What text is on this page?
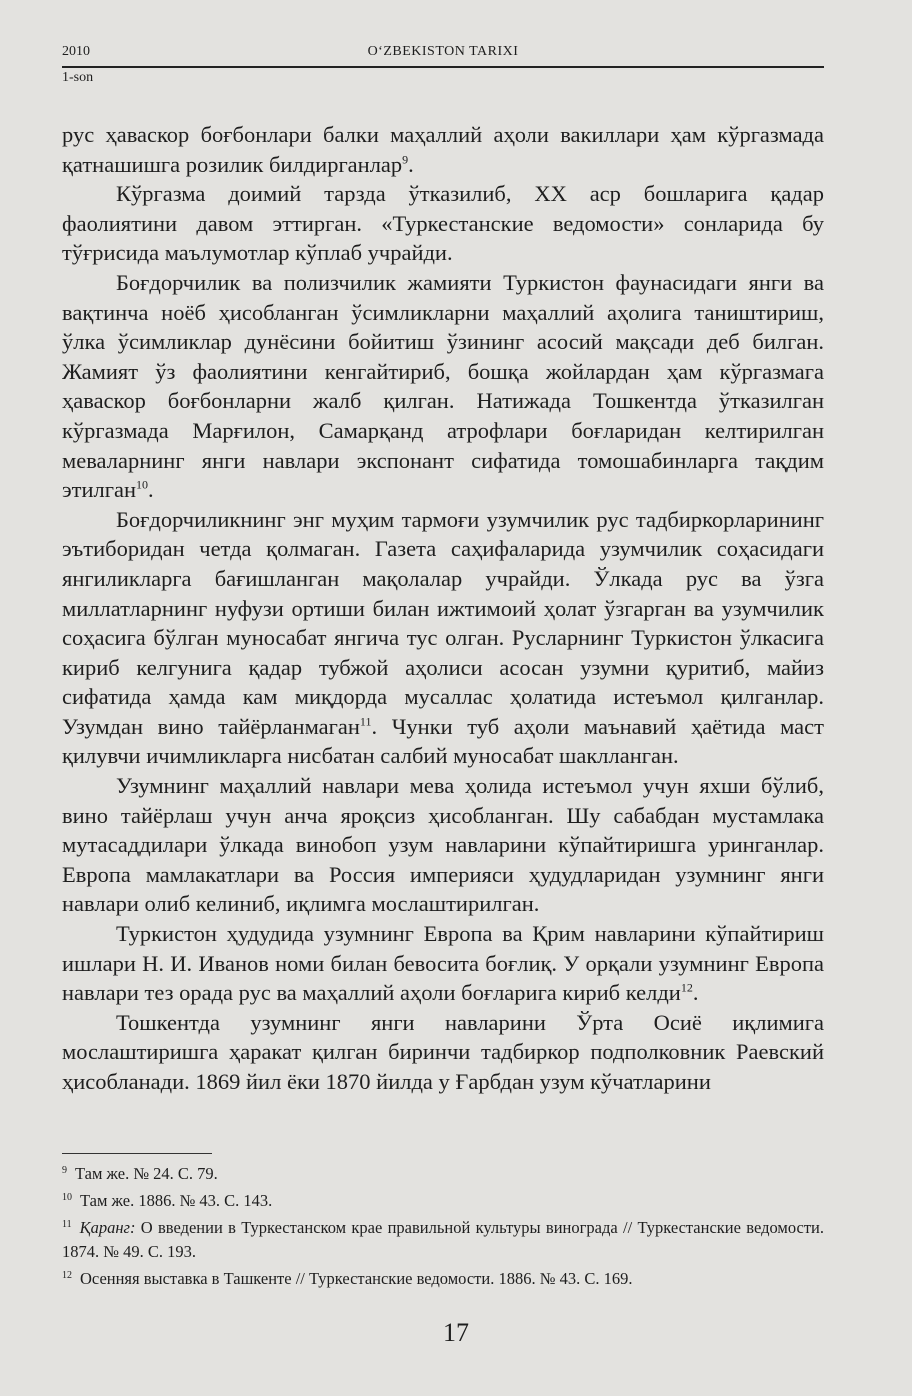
2010	O‘ZBEKISTON TARIXI
1-son

рус ҳаваскор боғбонлари балки маҳаллий аҳоли вакиллари ҳам кўргазмада қатнашишга розилик билдирганлар$^9$.

Кўргазма доимий тарзда ўтказилиб, XX аср бошларига қадар фаолиятини давом эттирган. «Туркестанские ведомости» сонларида бу тўғрисида маълумотлар кўплаб учрайди.

Боғдорчилик ва полизчилик жамияти Туркистон фаунасидаги янги ва вақтинча ноёб ҳисобланган ўсимликларни маҳаллий аҳолига таништириш, ўлка ўсимликлар дунёсини бойитиш ўзининг асосий мақсади деб билган. Жамият ўз фаолиятини кенгайтириб, бошқа жойлардан ҳам кўргазмага ҳаваскор боғбонларни жалб қилган. Натижада Тошкентда ўтказилган кўргазмада Марғилон, Самарқанд атрофлари боғларидан келтирилган меваларнинг янги навлари экспонант сифатида томошабинларга тақдим этилган$^{10}$.

Боғдорчиликнинг энг муҳим тармоғи узумчилик рус тадбиркорларининг эътиборидан четда қолмаган. Газета саҳифаларида узумчилик соҳасидаги янгиликларга бағишланган мақолалар учрайди. Ўлкада рус ва ўзга миллатларнинг нуфузи ортиши билан ижтимоий ҳолат ўзгарган ва узумчилик соҳасига бўлган муносабат янгича тус олган. Русларнинг Туркистон ўлкасига кириб келгунига қадар тубжой аҳолиси асосан узумни қуритиб, майиз сифатида ҳамда кам миқдорда мусаллас ҳолатида истеъмол қилганлар. Узумдан вино тайёрланмаган$^{11}$. Чунки туб аҳоли маънавий ҳаётида маст қилувчи ичимликларга нисбатан салбий муносабат шаклланган.

Узумнинг маҳаллий навлари мева ҳолида истеъмол учун яхши бўлиб, вино тайёрлаш учун анча яроқсиз ҳисобланган. Шу сабабдан мустамлака мутасаддилари ўлкада винобоп узум навларини кўпайтиришга уринганлар. Европа мамлакатлари ва Россия империяси ҳудудларидан узумнинг янги навлари олиб келиниб, иқлимга мослаштирилган.

Туркистон ҳудудида узумнинг Европа ва Қрим навларини кўпайтириш ишлари Н. И. Иванов номи билан бевосита боғлиқ. У орқали узумнинг Европа навлари тез орада рус ва маҳаллий аҳоли боғларига кириб келди$^{12}$.

Тошкентда узумнинг янги навларини Ўрта Осиё иқлимига мослаштиришга ҳаракат қилган биринчи тадбиркор подполковник Раевский ҳисобланади. 1869 йил ёки 1870 йилда у Ғарбдан узум кўчатларини

$^9$ Там же. № 24. С. 79.

$^{10}$ Там же. 1886. № 43. С. 143.

$^{11}$ Қаранг: О введении в Туркестанском крае правильной культуры винограда // Туркестанские ведомости. 1874. № 49. С. 193.

$^{12}$ Осенняя выставка в Ташкенте // Туркестанские ведомости. 1886. № 43. С. 169.

17
